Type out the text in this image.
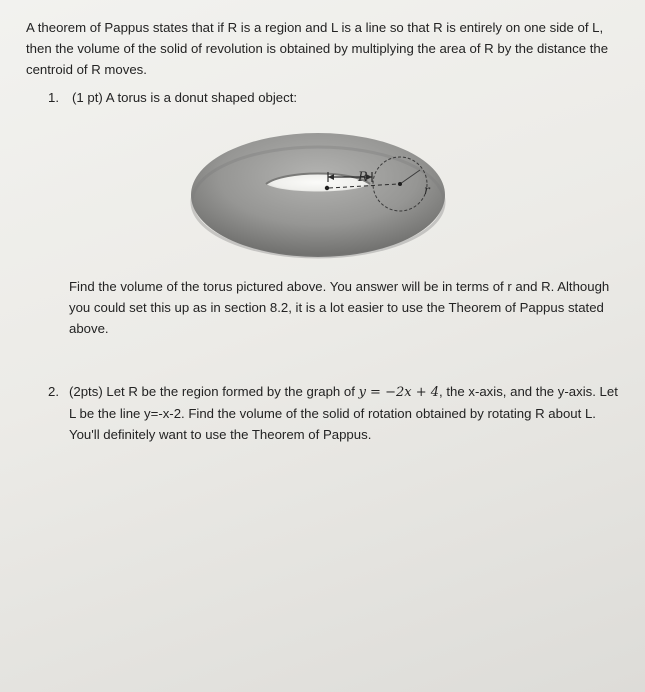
A theorem of Pappus states that if R is a region and L is a line so that R is entirely on one side of L, then the volume of the solid of revolution is obtained by multiplying the area of R by the distance the centroid of R moves.

1. (1 pt) A torus is a donut shaped object:
R
r

Find the volume of the torus pictured above. You answer will be in terms of r and R. Although you could set this up as in section 8.2, it is a lot easier to use the Theorem of Pappus stated above.

2. (2pts) Let R be the region formed by the graph of y = −2x + 4, the x-axis, and the y-axis. Let L be the line y=-x-2. Find the volume of the solid of rotation obtained by rotating R about L. You'll definitely want to use the Theorem of Pappus.
